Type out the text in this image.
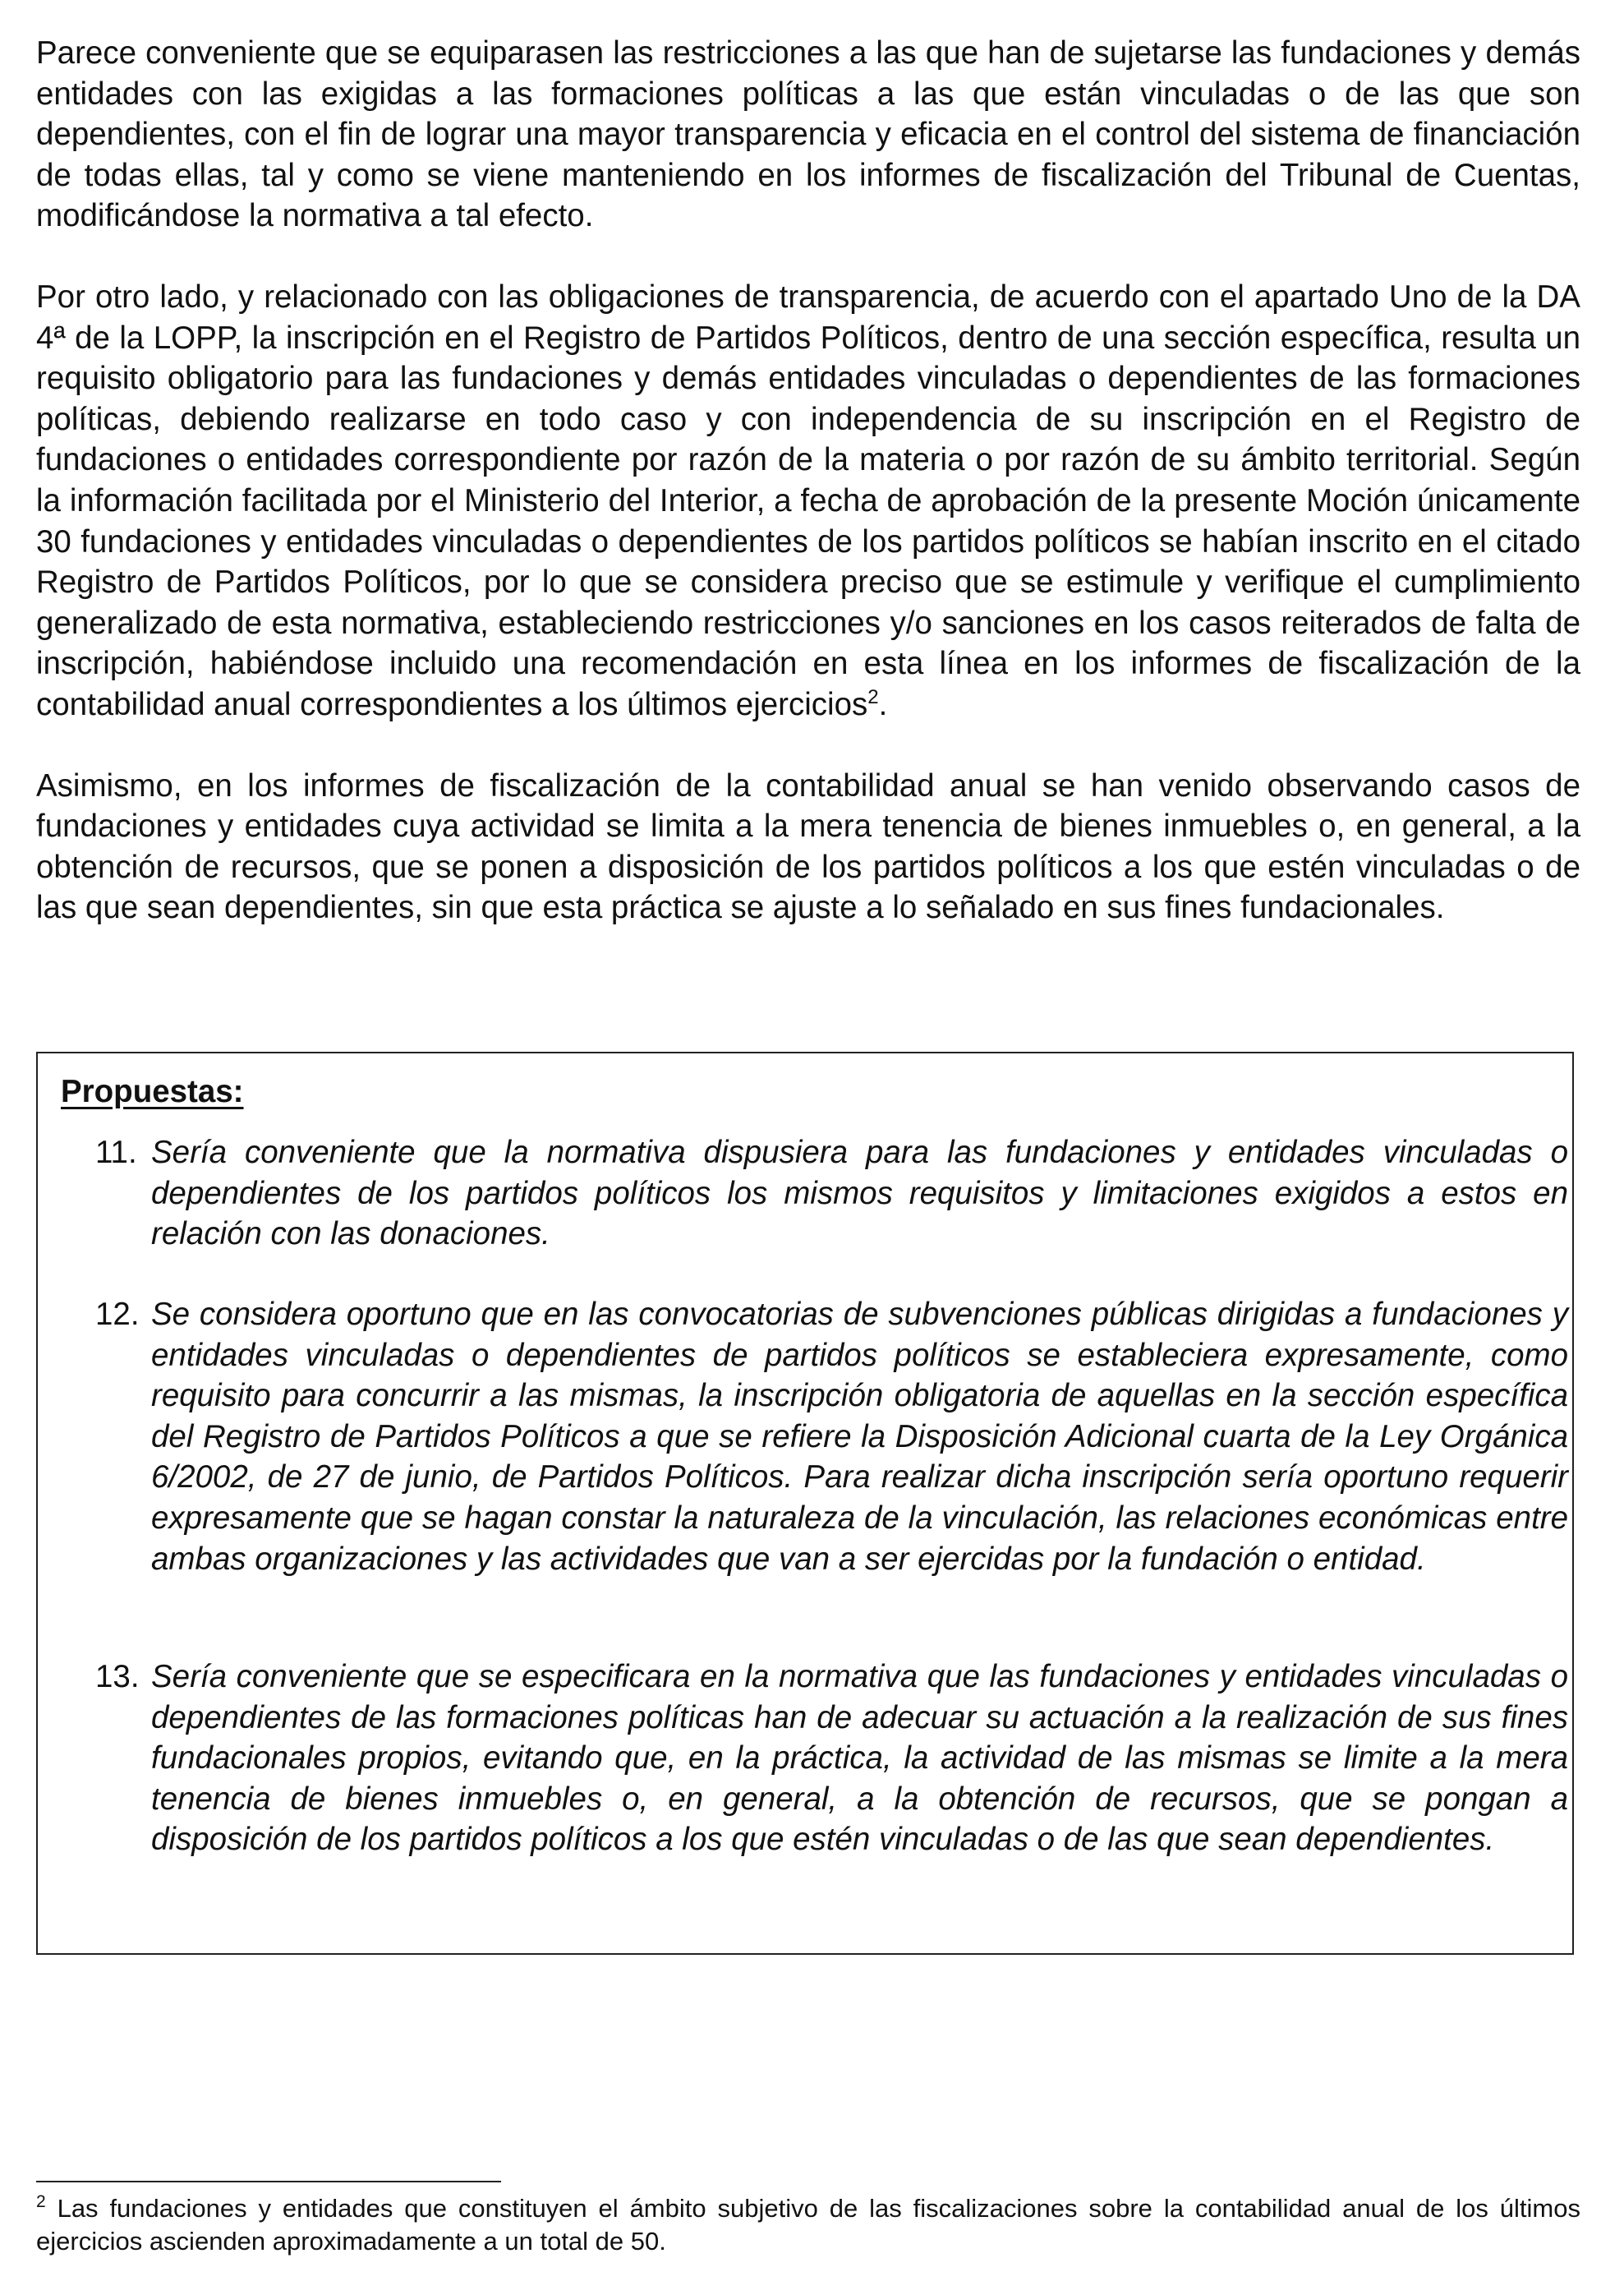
Parece conveniente que se equiparasen las restricciones a las que han de sujetarse las fundaciones y demás entidades con las exigidas a las formaciones políticas a las que están vinculadas o de las que son dependientes, con el fin de lograr una mayor transparencia y eficacia en el control del sistema de financiación de todas ellas, tal y como se viene manteniendo en los informes de fiscalización del Tribunal de Cuentas, modificándose la normativa a tal efecto.

Por otro lado, y relacionado con las obligaciones de transparencia, de acuerdo con el apartado Uno de la DA 4ª de la LOPP, la inscripción en el Registro de Partidos Políticos, dentro de una sección específica, resulta un requisito obligatorio para las fundaciones y demás entidades vinculadas o dependientes de las formaciones políticas, debiendo realizarse en todo caso y con independencia de su inscripción en el Registro de fundaciones o entidades correspondiente por razón de la materia o por razón de su ámbito territorial. Según la información facilitada por el Ministerio del Interior, a fecha de aprobación de la presente Moción únicamente 30 fundaciones y entidades vinculadas o dependientes de los partidos políticos se habían inscrito en el citado Registro de Partidos Políticos, por lo que se considera preciso que se estimule y verifique el cumplimiento generalizado de esta normativa, estableciendo restricciones y/o sanciones en los casos reiterados de falta de inscripción, habiéndose incluido una recomendación en esta línea en los informes de fiscalización de la contabilidad anual correspondientes a los últimos ejercicios$^2$.

Asimismo, en los informes de fiscalización de la contabilidad anual se han venido observando casos de fundaciones y entidades cuya actividad se limita a la mera tenencia de bienes inmuebles o, en general, a la obtención de recursos, que se ponen a disposición de los partidos políticos a los que estén vinculadas o de las que sean dependientes, sin que esta práctica se ajuste a lo señalado en sus fines fundacionales.

Propuestas:
11. Sería conveniente que la normativa dispusiera para las fundaciones y entidades vinculadas o dependientes de los partidos políticos los mismos requisitos y limitaciones exigidos a estos en relación con las donaciones.
12. Se considera oportuno que en las convocatorias de subvenciones públicas dirigidas a fundaciones y entidades vinculadas o dependientes de partidos políticos se estableciera expresamente, como requisito para concurrir a las mismas, la inscripción obligatoria de aquellas en la sección específica del Registro de Partidos Políticos a que se refiere la Disposición Adicional cuarta de la Ley Orgánica 6/2002, de 27 de junio, de Partidos Políticos. Para realizar dicha inscripción sería oportuno requerir expresamente que se hagan constar la naturaleza de la vinculación, las relaciones económicas entre ambas organizaciones y las actividades que van a ser ejercidas por la fundación o entidad.
13. Sería conveniente que se especificara en la normativa que las fundaciones y entidades vinculadas o dependientes de las formaciones políticas han de adecuar su actuación a la realización de sus fines fundacionales propios, evitando que, en la práctica, la actividad de las mismas se limite a la mera tenencia de bienes inmuebles o, en general, a la obtención de recursos, que se pongan a disposición de los partidos políticos a los que estén vinculadas o de las que sean dependientes.
$^2$ Las fundaciones y entidades que constituyen el ámbito subjetivo de las fiscalizaciones sobre la contabilidad anual de los últimos ejercicios ascienden aproximadamente a un total de 50.
